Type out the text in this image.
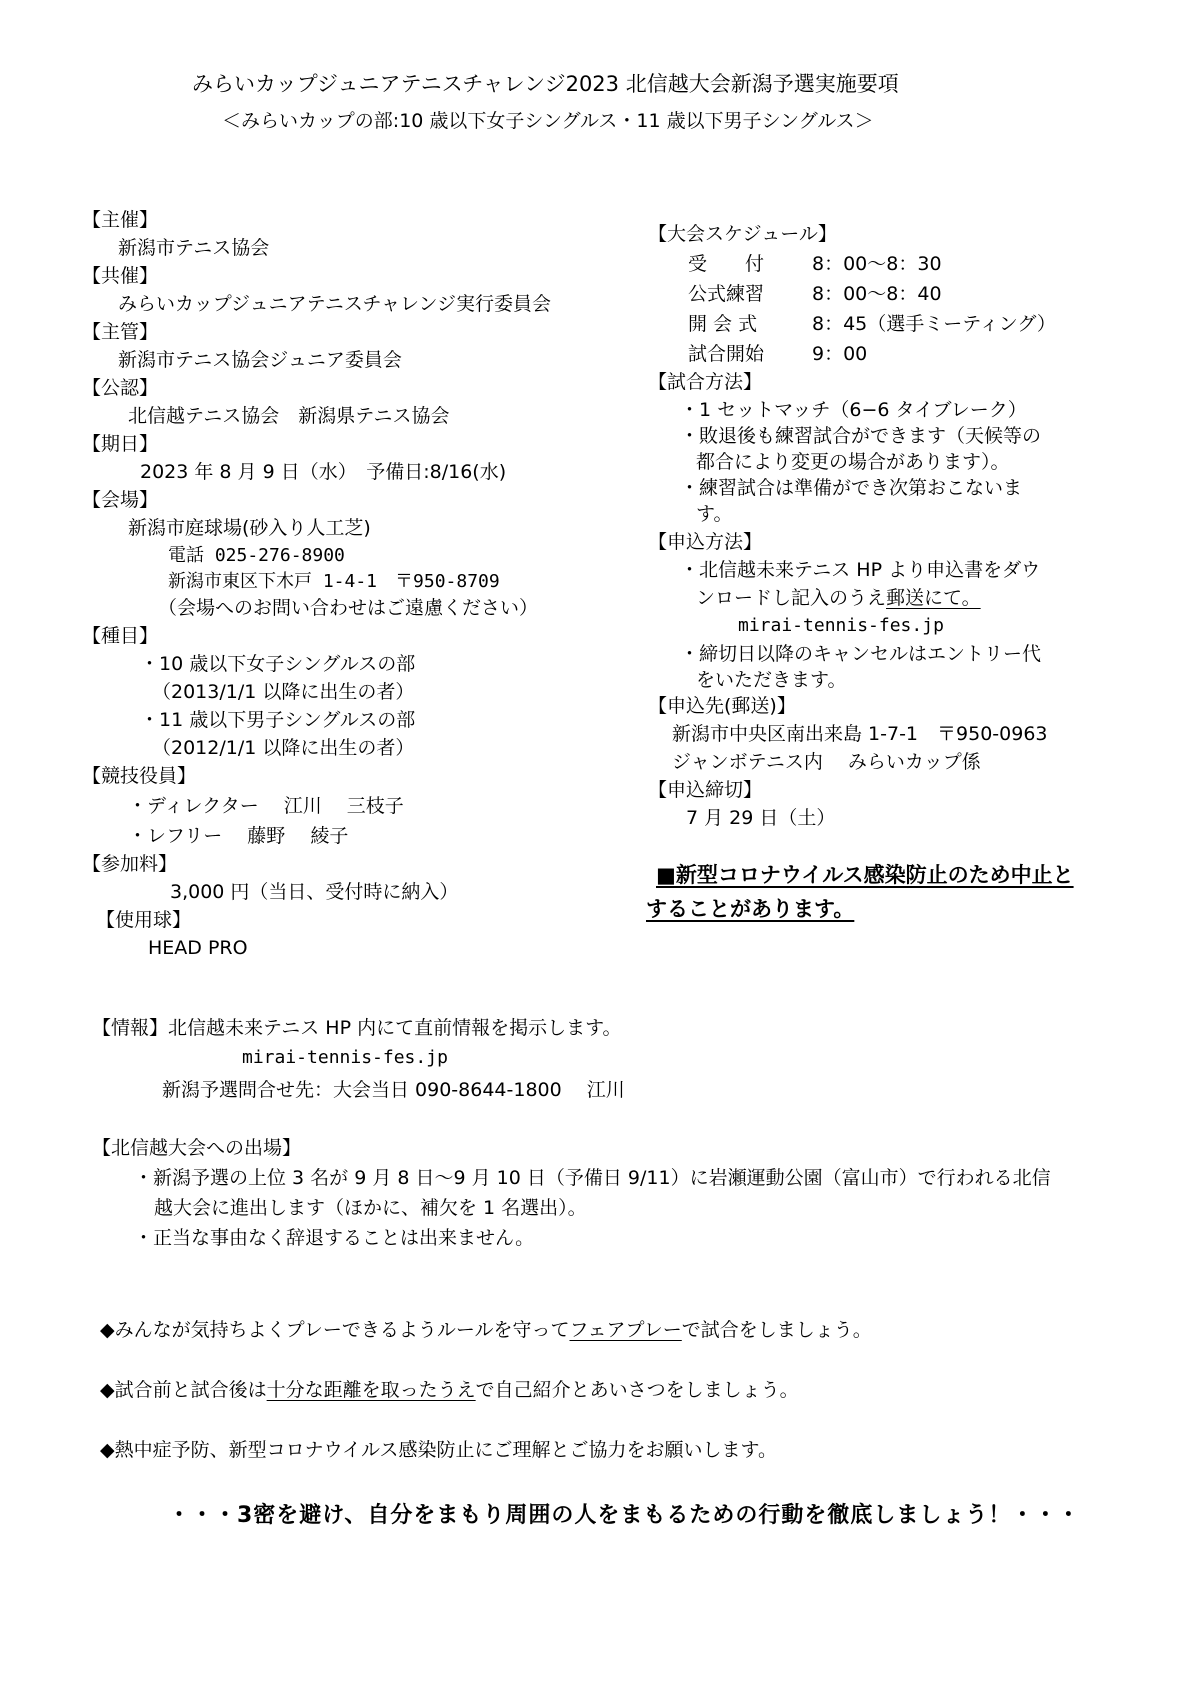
みらいカップジュニアテニスチャレンジ2023 北信越大会新潟予選実施要項
＜みらいカップの部:10 歳以下女子シングルス・11 歳以下男子シングルス＞
【主催】
新潟市テニス協会
【共催】
みらいカップジュニアテニスチャレンジ実行委員会
【主管】
新潟市テニス協会ジュニア委員会
【公認】
北信越テニス協会　新潟県テニス協会
【期日】
2023 年 8 月 9 日（水）　予備日:8/16(水)
【会場】
新潟市庭球場(砂入り人工芝)
電話 025-276-8900
新潟市東区下木戸 1-4-1　〒950-8709
（会場へのお問い合わせはご遠慮ください）
【種目】
・10 歳以下女子シングルスの部
（2013/1/1 以降に出生の者）
・11 歳以下男子シングルスの部
（2012/1/1 以降に出生の者）
【競技役員】
・ディレクター　 江川　 三枝子
・レフリー　 藤野　 綾子
【参加料】
3,000 円（当日、受付時に納入）
【使用球】
HEAD PRO
【大会スケジュール】
受　　付	8：00～8：30
公式練習	8：00～8：40
開 会 式	8：45（選手ミーティング）
試合開始	9：00
【試合方法】
・1 セットマッチ（6−6 タイブレーク）
・敗退後も練習試合ができます（天候等の
都合により変更の場合があります）。
・練習試合は準備ができ次第おこないま
す。
【申込方法】
・北信越未来テニス HP より申込書をダウ
ンロードし記入のうえ郵送にて。
mirai-tennis-fes.jp
・締切日以降のキャンセルはエントリー代
をいただきます。
【申込先(郵送)】
新潟市中央区南出来島 1-7-1　〒950-0963
ジャンボテニス内　 みらいカップ係
【申込締切】
7 月 29 日（土）
■新型コロナウイルス感染防止のため中止と
することがあります。
【情報】北信越未来テニス HP 内にて直前情報を掲示します。
mirai-tennis-fes.jp
新潟予選問合せ先：大会当日 090-8644-1800　 江川
【北信越大会への出場】
・新潟予選の上位 3 名が 9 月 8 日～9 月 10 日（予備日 9/11）に岩瀬運動公園（富山市）で行われる北信
越大会に進出します（ほかに、補欠を 1 名選出）。
・正当な事由なく辞退することは出来ません。
◆みんなが気持ちよくプレーできるようルールを守ってフェアプレーで試合をしましょう。
◆試合前と試合後は十分な距離を取ったうえで自己紹介とあいさつをしましょう。
◆熱中症予防、新型コロナウイルス感染防止にご理解とご協力をお願いします。
・・・3密を避け、自分をまもり周囲の人をまもるための行動を徹底しましょう！・・・
